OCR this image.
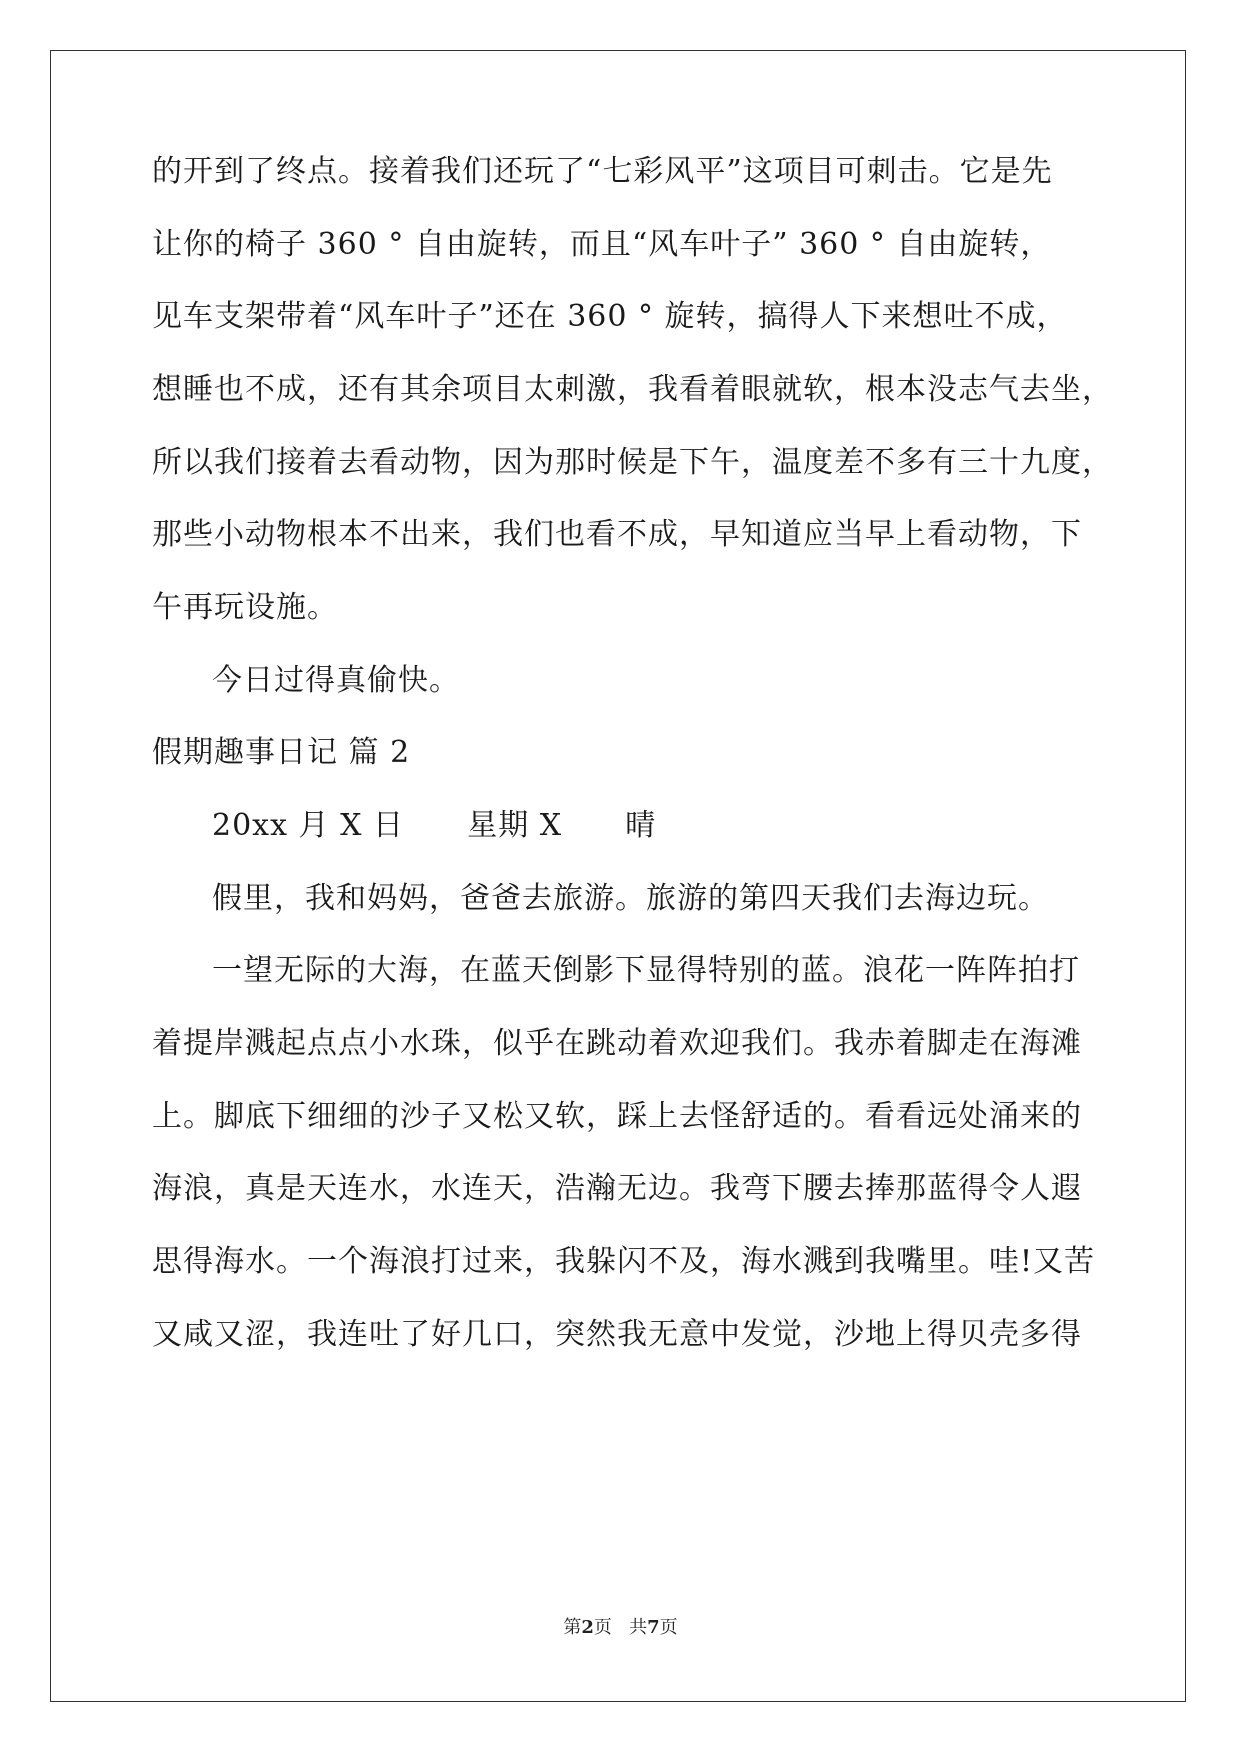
的开到了终点。接着我们还玩了“七彩风平”这项目可刺击。它是先
让你的椅子 360 ° 自由旋转，而且“风车叶子” 360 ° 自由旋转，
见车支架带着“风车叶子”还在 360 ° 旋转，搞得人下来想吐不成，
想睡也不成，还有其余项目太刺激，我看着眼就软，根本没志气去坐，
所以我们接着去看动物，因为那时候是下午，温度差不多有三十九度，
那些小动物根本不出来，我们也看不成，早知道应当早上看动物，下
午再玩设施。
今日过得真偷快。
假期趣事日记 篇 2
20xx 月 X 日      星期 X      晴
假里，我和妈妈，爸爸去旅游。旅游的第四天我们去海边玩。
一望无际的大海，在蓝天倒影下显得特别的蓝。浪花一阵阵拍打
着提岸溅起点点小水珠，似乎在跳动着欢迎我们。我赤着脚走在海滩
上。脚底下细细的沙子又松又软，踩上去怪舒适的。看看远处涌来的
海浪，真是天连水，水连天，浩瀚无边。我弯下腰去捧那蓝得令人遐
思得海水。一个海浪打过来，我躲闪不及，海水溅到我嘴里。哇!又苦
又咸又涩，我连吐了好几口，突然我无意中发觉，沙地上得贝壳多得
第2页   共7页
